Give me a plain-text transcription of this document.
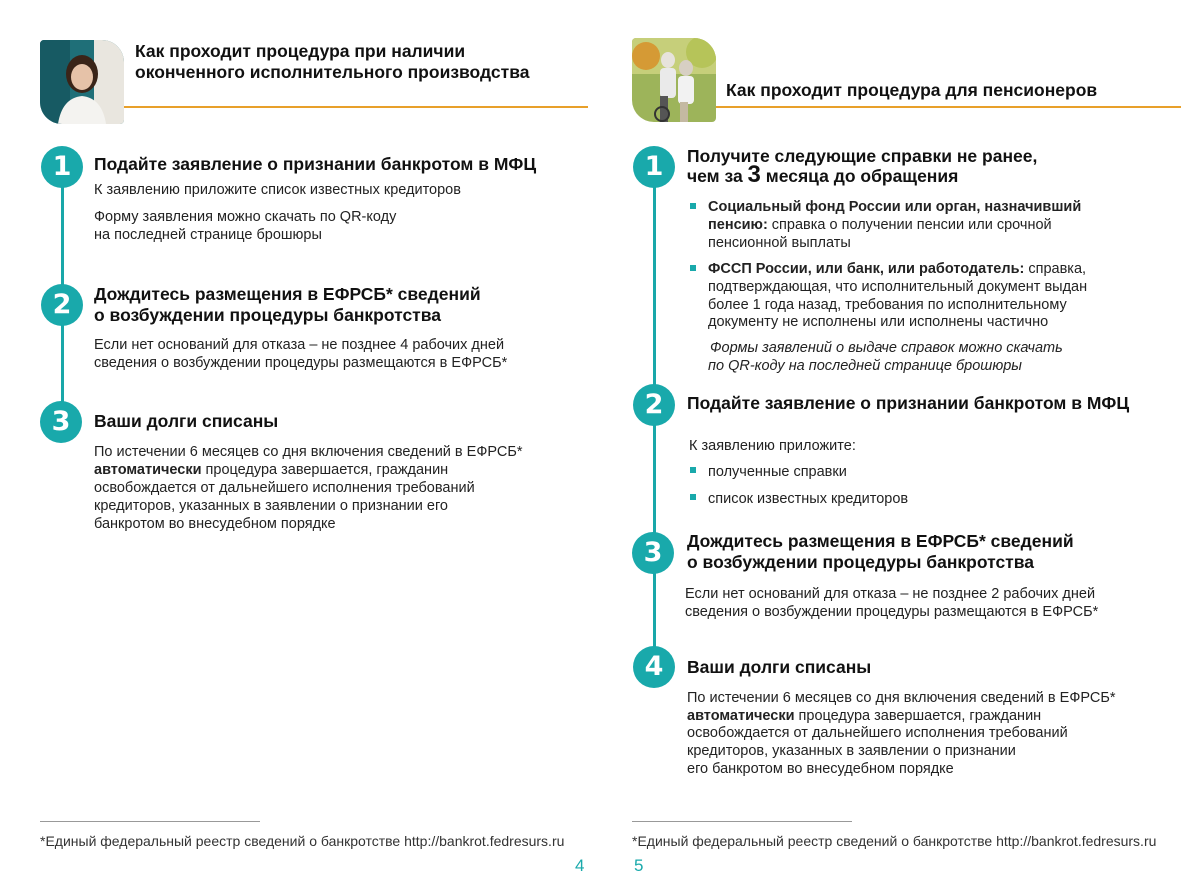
Как проходит процедура при наличии оконченного исполнительного производства
1	Подайте заявление о признании банкротом в МФЦ
К заявлению приложите список известных кредиторов
Форму заявления можно скачать по QR-коду
на последней странице брошюры
2	Дождитесь размещения в ЕФРСБ* сведений
о возбуждении процедуры банкротства
Если нет оснований для отказа – не позднее 4 рабочих дней
сведения о возбуждении процедуры размещаются в ЕФРСБ*
3	Ваши долги списаны
По истечении 6 месяцев со дня включения сведений в ЕФРСБ*
автоматически процедура завершается, гражданин
освобождается от дальнейшего исполнения требований
кредиторов, указанных в заявлении о признании его
банкротом во внесудебном порядке
*Единый федеральный реестр сведений о банкротстве http://bankrot.fedresurs.ru
4
Как проходит процедура для пенсионеров
1	Получите следующие справки не ранее,
чем за 3 месяца до обращения
Социальный фонд России или орган, назначивший
пенсию: справка о получении пенсии или срочной
пенсионной выплаты
ФССП России, или банк, или работодатель: справка,
подтверждающая, что исполнительный документ выдан
более 1 года назад, требования по исполнительному
документу не исполнены или исполнены частично
Формы заявлений о выдаче справок можно скачать
по QR-коду на последней странице брошюры
2	Подайте заявление о признании банкротом в МФЦ
К заявлению приложите:
полученные справки
список известных кредиторов
3	Дождитесь размещения в ЕФРСБ* сведений
о возбуждении процедуры банкротства
Если нет оснований для отказа – не позднее 2 рабочих дней
сведения о возбуждении процедуры размещаются в ЕФРСБ*
4	Ваши долги списаны
По истечении 6 месяцев со дня включения сведений в ЕФРСБ*
автоматически процедура завершается, гражданин
освобождается от дальнейшего исполнения требований
кредиторов, указанных в заявлении о признании
его банкротом во внесудебном порядке
*Единый федеральный реестр сведений о банкротстве http://bankrot.fedresurs.ru
5
